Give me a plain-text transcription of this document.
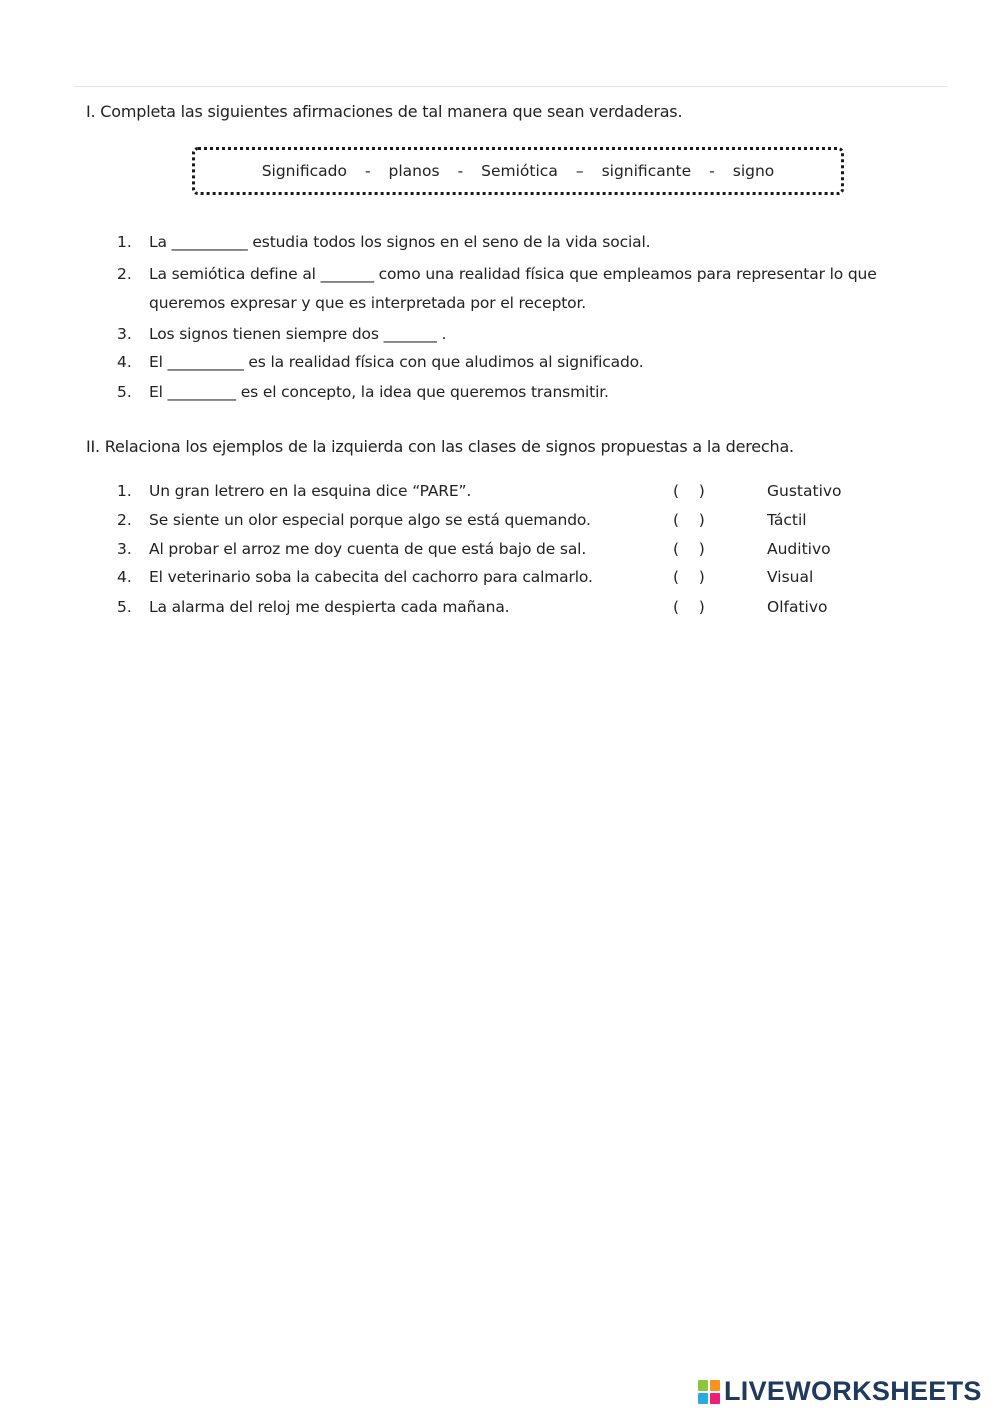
I. Completa las siguientes afirmaciones de tal manera que sean verdaderas.
Significado - planos - Semiótica – significante - signo
1. La __________ estudia todos los signos en el seno de la vida social.
2. La semiótica define al _______ como una realidad física que empleamos para representar lo que
queremos expresar y que es interpretada por el receptor.
3. Los signos tienen siempre dos _______ .
4. El __________ es la realidad física con que aludimos al significado.
5. El _________ es el concepto, la idea que queremos transmitir.
II. Relaciona los ejemplos de la izquierda con las clases de signos propuestas a la derecha.
1. Un gran letrero en la esquina dice “PARE”.	(    )	Gustativo
2. Se siente un olor especial porque algo se está quemando.	(    )	Táctil
3. Al probar el arroz me doy cuenta de que está bajo de sal.	(    )	Auditivo
4. El veterinario soba la cabecita del cachorro para calmarlo.	(    )	Visual
5. La alarma del reloj me despierta cada mañana.	(    )	Olfativo
LIVEWORKSHEETS
